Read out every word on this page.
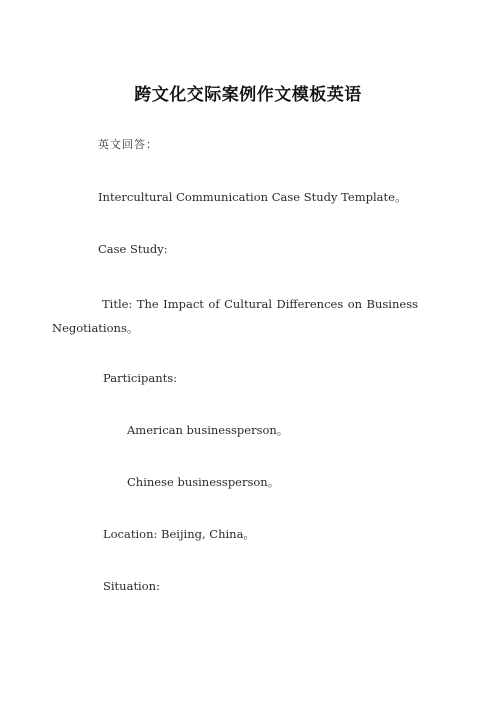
跨文化交际案例作文模板英语
英文回答：
Intercultural Communication Case Study Template。
Case Study:
Title: The Impact of Cultural Differences on Business Negotiations。
Participants:
American businessperson。
Chinese businessperson。
Location: Beijing, China。
Situation:
